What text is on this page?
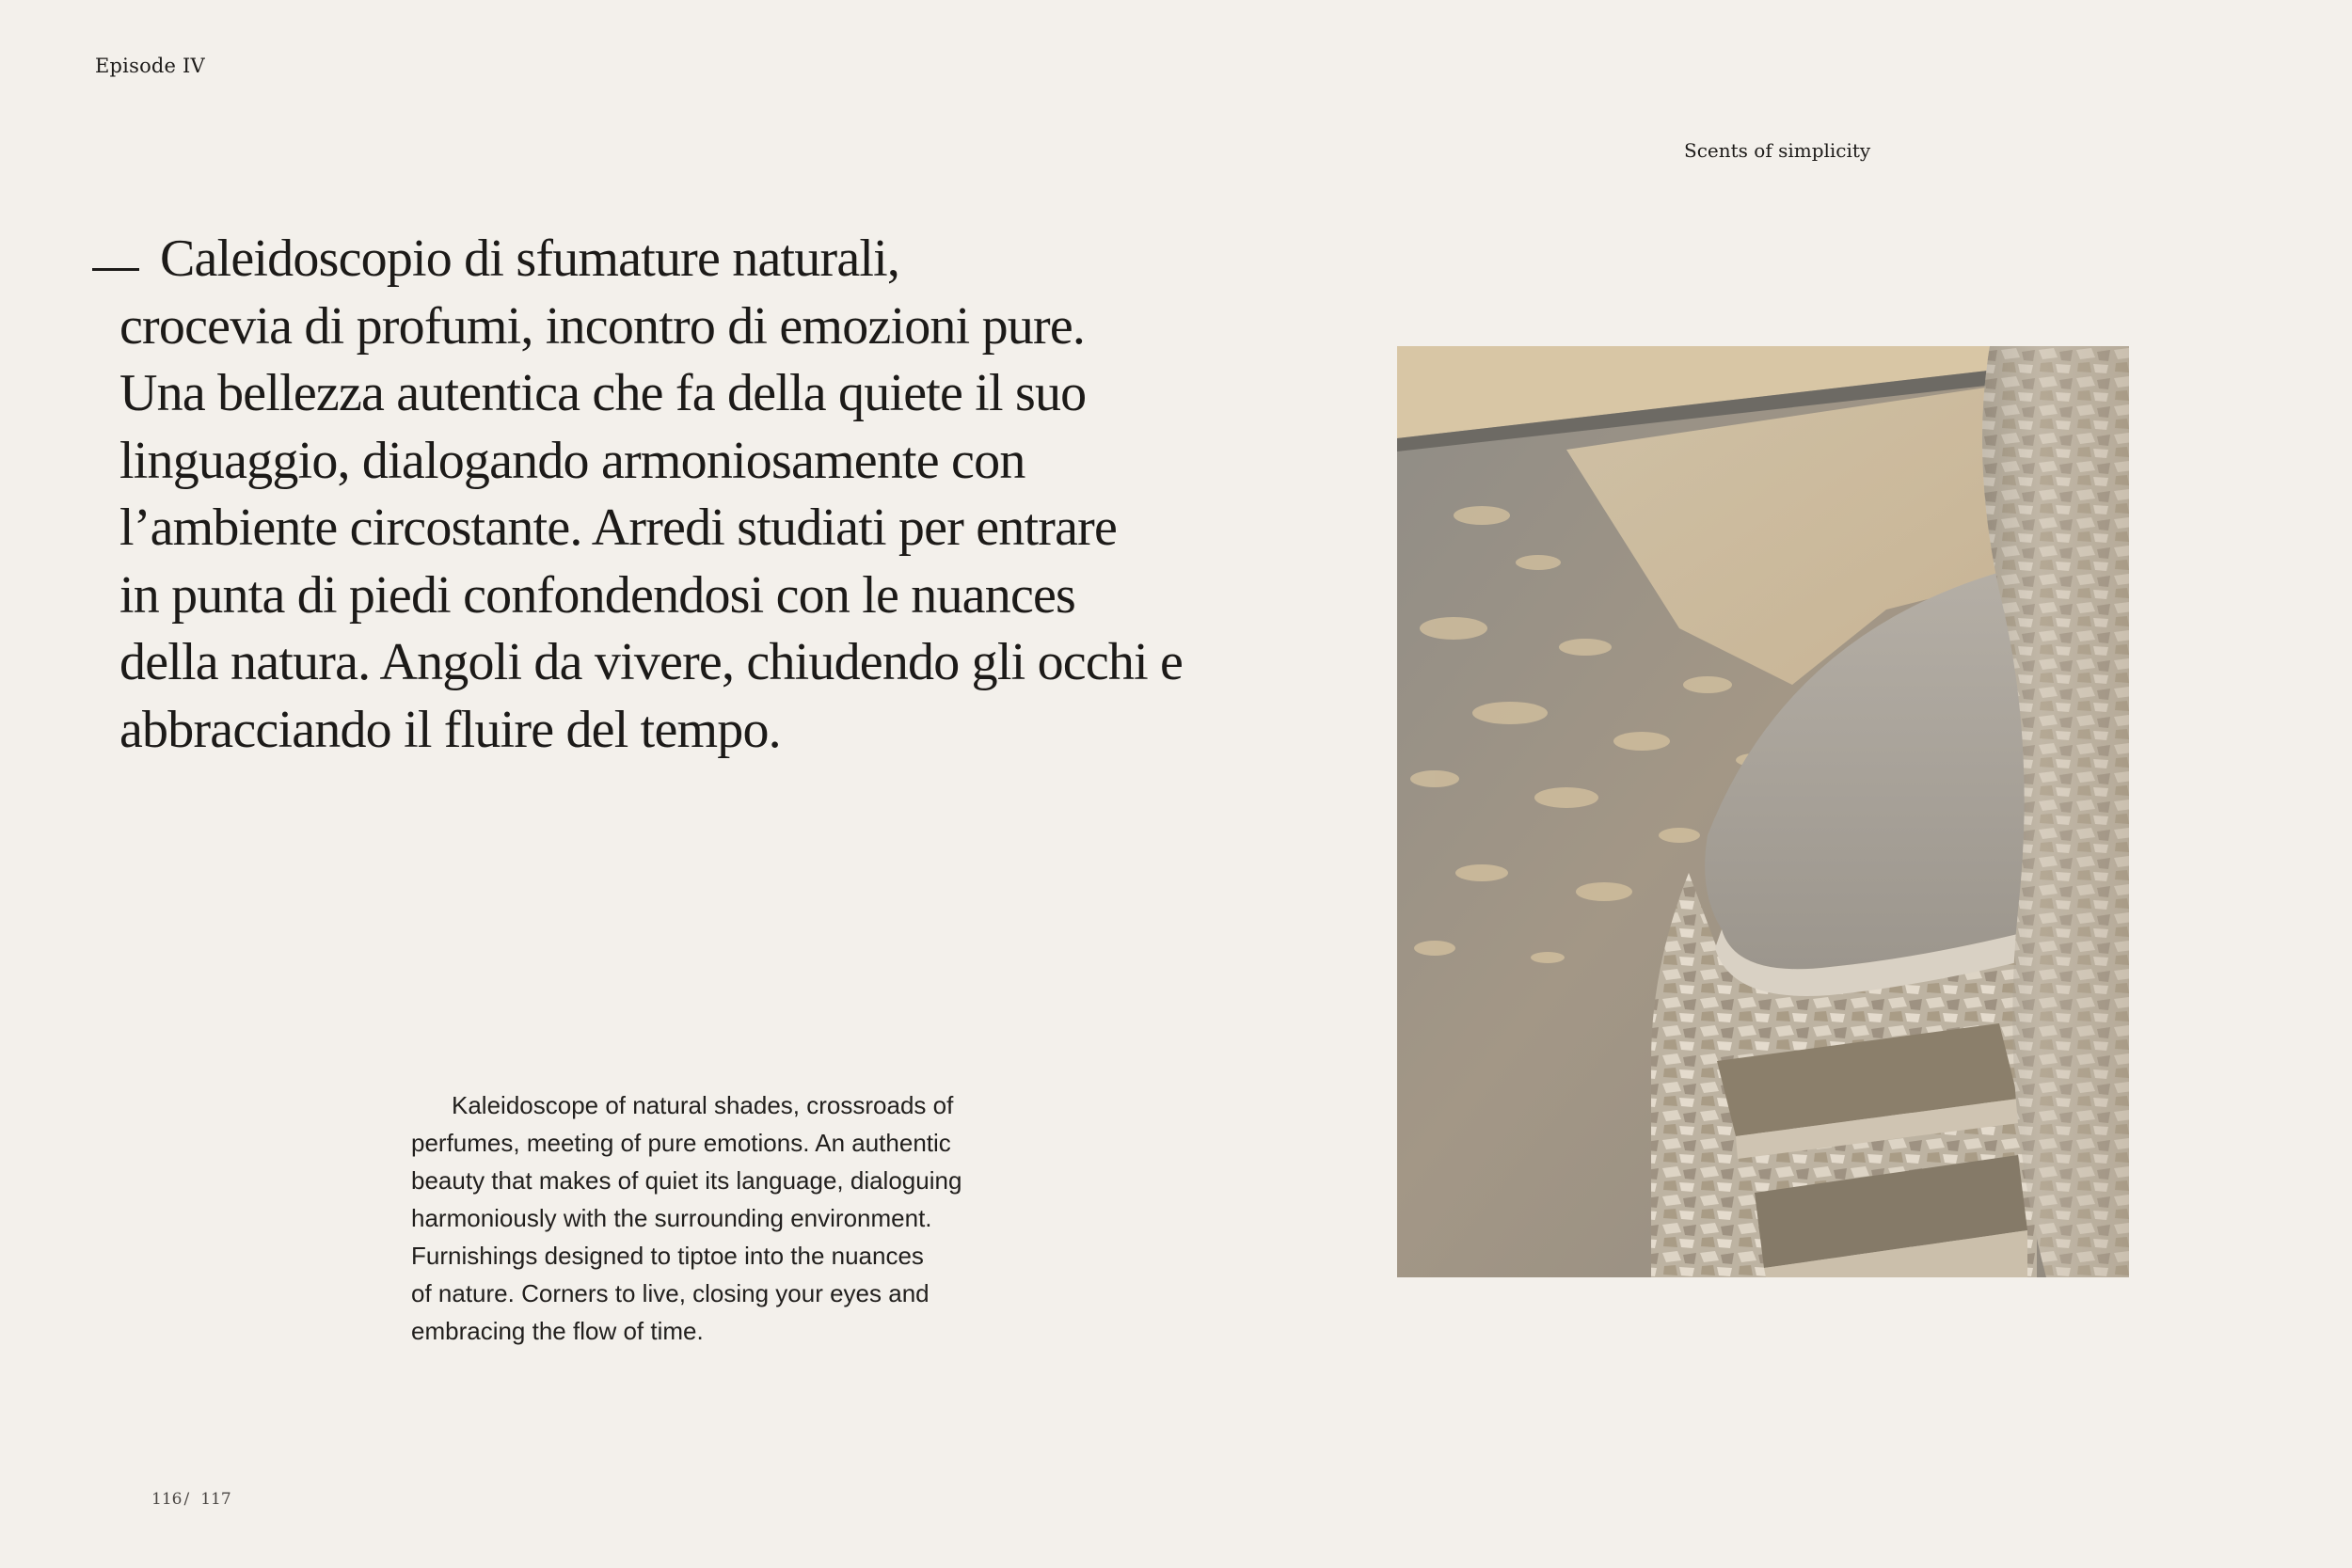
Episode IV
Scents of simplicity

Caleidoscopio di sfumature naturali,
crocevia di profumi, incontro di emozioni pure.
Una bellezza autentica che fa della quiete il suo
linguaggio, dialogando armoniosamente con
l’ambiente circostante. Arredi studiati per entrare
in punta di piedi confondendosi con le nuances
della natura. Angoli da vivere, chiudendo gli occhi e
abbracciando il fluire del tempo.

Kaleidoscope of natural shades, crossroads of
perfumes, meeting of pure emotions. An authentic
beauty that makes of quiet its language, dialoguing
harmoniously with the surrounding environment.
Furnishings designed to tiptoe into the nuances
of nature. Corners to live, closing your eyes and
embracing the flow of time.

116 / 117
